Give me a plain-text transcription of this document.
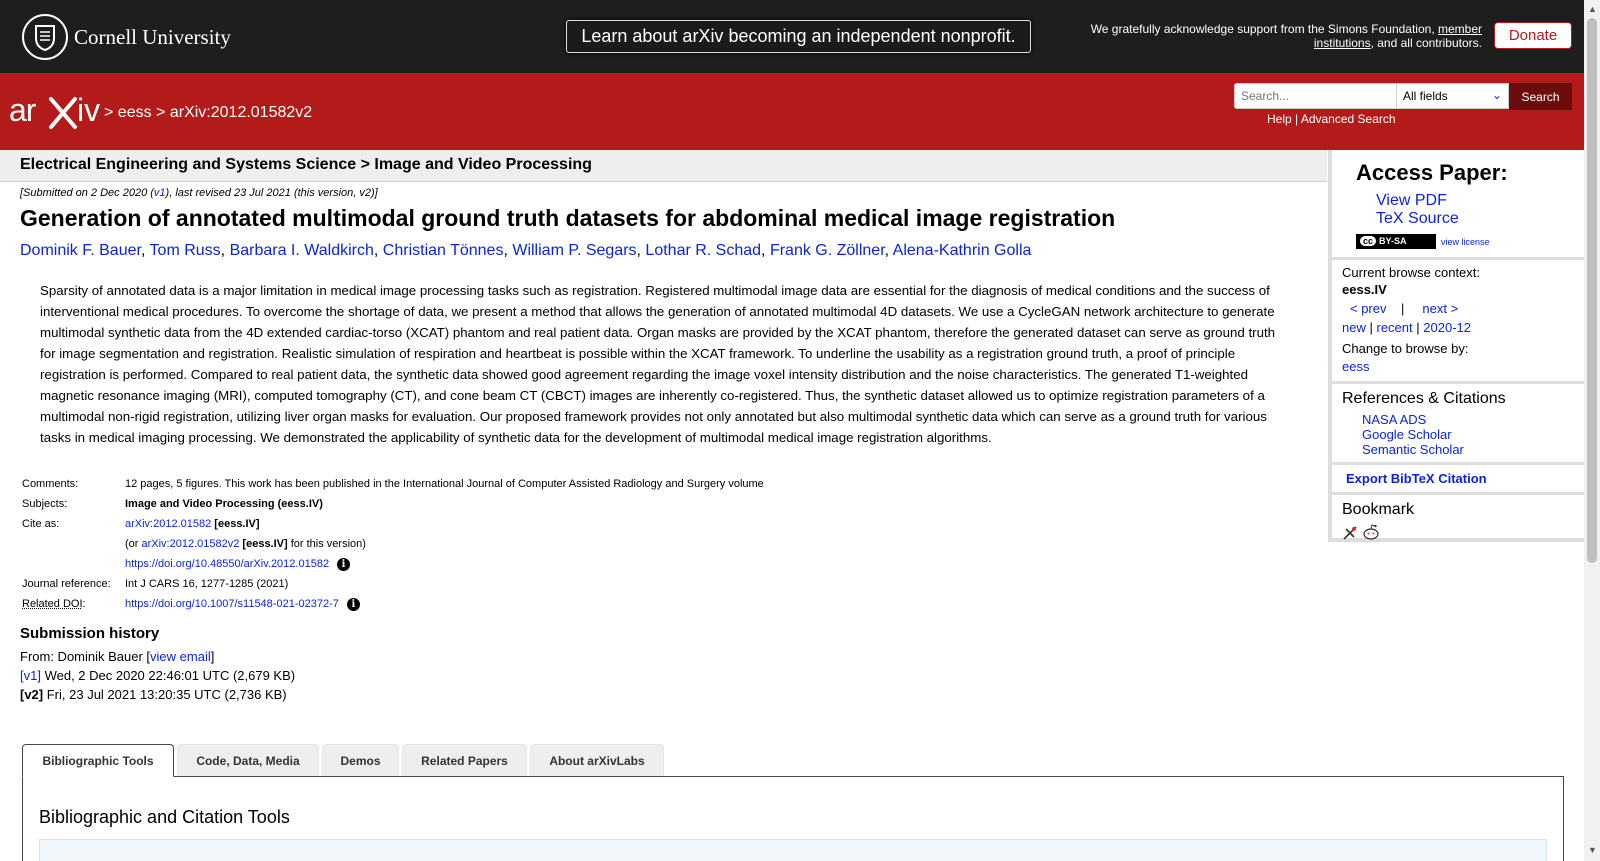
Cornell University	Learn about arXiv becoming an independent nonprofit.	We gratefully acknowledge support from the Simons Foundation, member institutions, and all contributors.	Donate
ar iv > eess > arXiv:2012.01582v2
Search...
All fields	⌄	Search
Help | Advanced Search
Electrical Engineering and Systems Science > Image and Video Processing
[Submitted on 2 Dec 2020 (v1), last revised 23 Jul 2021 (this version, v2)]
Generation of annotated multimodal ground truth datasets for abdominal medical image registration
Dominik F. Bauer, Tom Russ, Barbara I. Waldkirch, Christian Tönnes, William P. Segars, Lothar R. Schad, Frank G. Zöllner, Alena-Kathrin Golla

Sparsity of annotated data is a major limitation in medical image processing tasks such as registration. Registered multimodal image data are essential for the diagnosis of medical conditions and the success of interventional medical procedures. To overcome the shortage of data, we present a method that allows the generation of annotated multimodal 4D datasets. We use a CycleGAN network architecture to generate multimodal synthetic data from the 4D extended cardiac-torso (XCAT) phantom and real patient data. Organ masks are provided by the XCAT phantom, therefore the generated dataset can serve as ground truth for image segmentation and registration. Realistic simulation of respiration and heartbeat is possible within the XCAT framework. To underline the usability as a registration ground truth, a proof of principle registration is performed. Compared to real patient data, the synthetic data showed good agreement regarding the image voxel intensity distribution and the noise characteristics. The generated T1-weighted magnetic resonance imaging (MRI), computed tomography (CT), and cone beam CT (CBCT) images are inherently co-registered. Thus, the synthetic dataset allowed us to optimize registration parameters of a multimodal non-rigid registration, utilizing liver organ masks for evaluation. Our proposed framework provides not only annotated but also multimodal synthetic data which can serve as a ground truth for various tasks in medical imaging processing. We demonstrated the applicability of synthetic data for the development of multimodal medical image registration algorithms.

Comments:	12 pages, 5 figures. This work has been published in the International Journal of Computer Assisted Radiology and Surgery volume
Subjects:	Image and Video Processing (eess.IV)
Cite as:	arXiv:2012.01582 [eess.IV]
	(or arXiv:2012.01582v2 [eess.IV] for this version)
	https://doi.org/10.48550/arXiv.2012.01582 i
Journal reference:	Int J CARS 16, 1277-1285 (2021)
Related DOI:	https://doi.org/10.1007/s11548-021-02372-7 i
Submission history
From: Dominik Bauer [view email]
[v1] Wed, 2 Dec 2020 22:46:01 UTC (2,679 KB)
[v2] Fri, 23 Jul 2021 13:20:35 UTC (2,736 KB)
Bibliographic Tools	Code, Data, Media	Demos	Related Papers	About arXivLabs
Bibliographic and Citation Tools
Access Paper:
View PDF
TeX Source
cc BY-SA	view license
Current browse context:
eess.IV
< prev | next >
new | recent | 2020-12
Change to browse by:
eess
References & Citations
NASA ADS
Google Scholar
Semantic Scholar
Export BibTeX Citation
Bookmark

▲
▼
